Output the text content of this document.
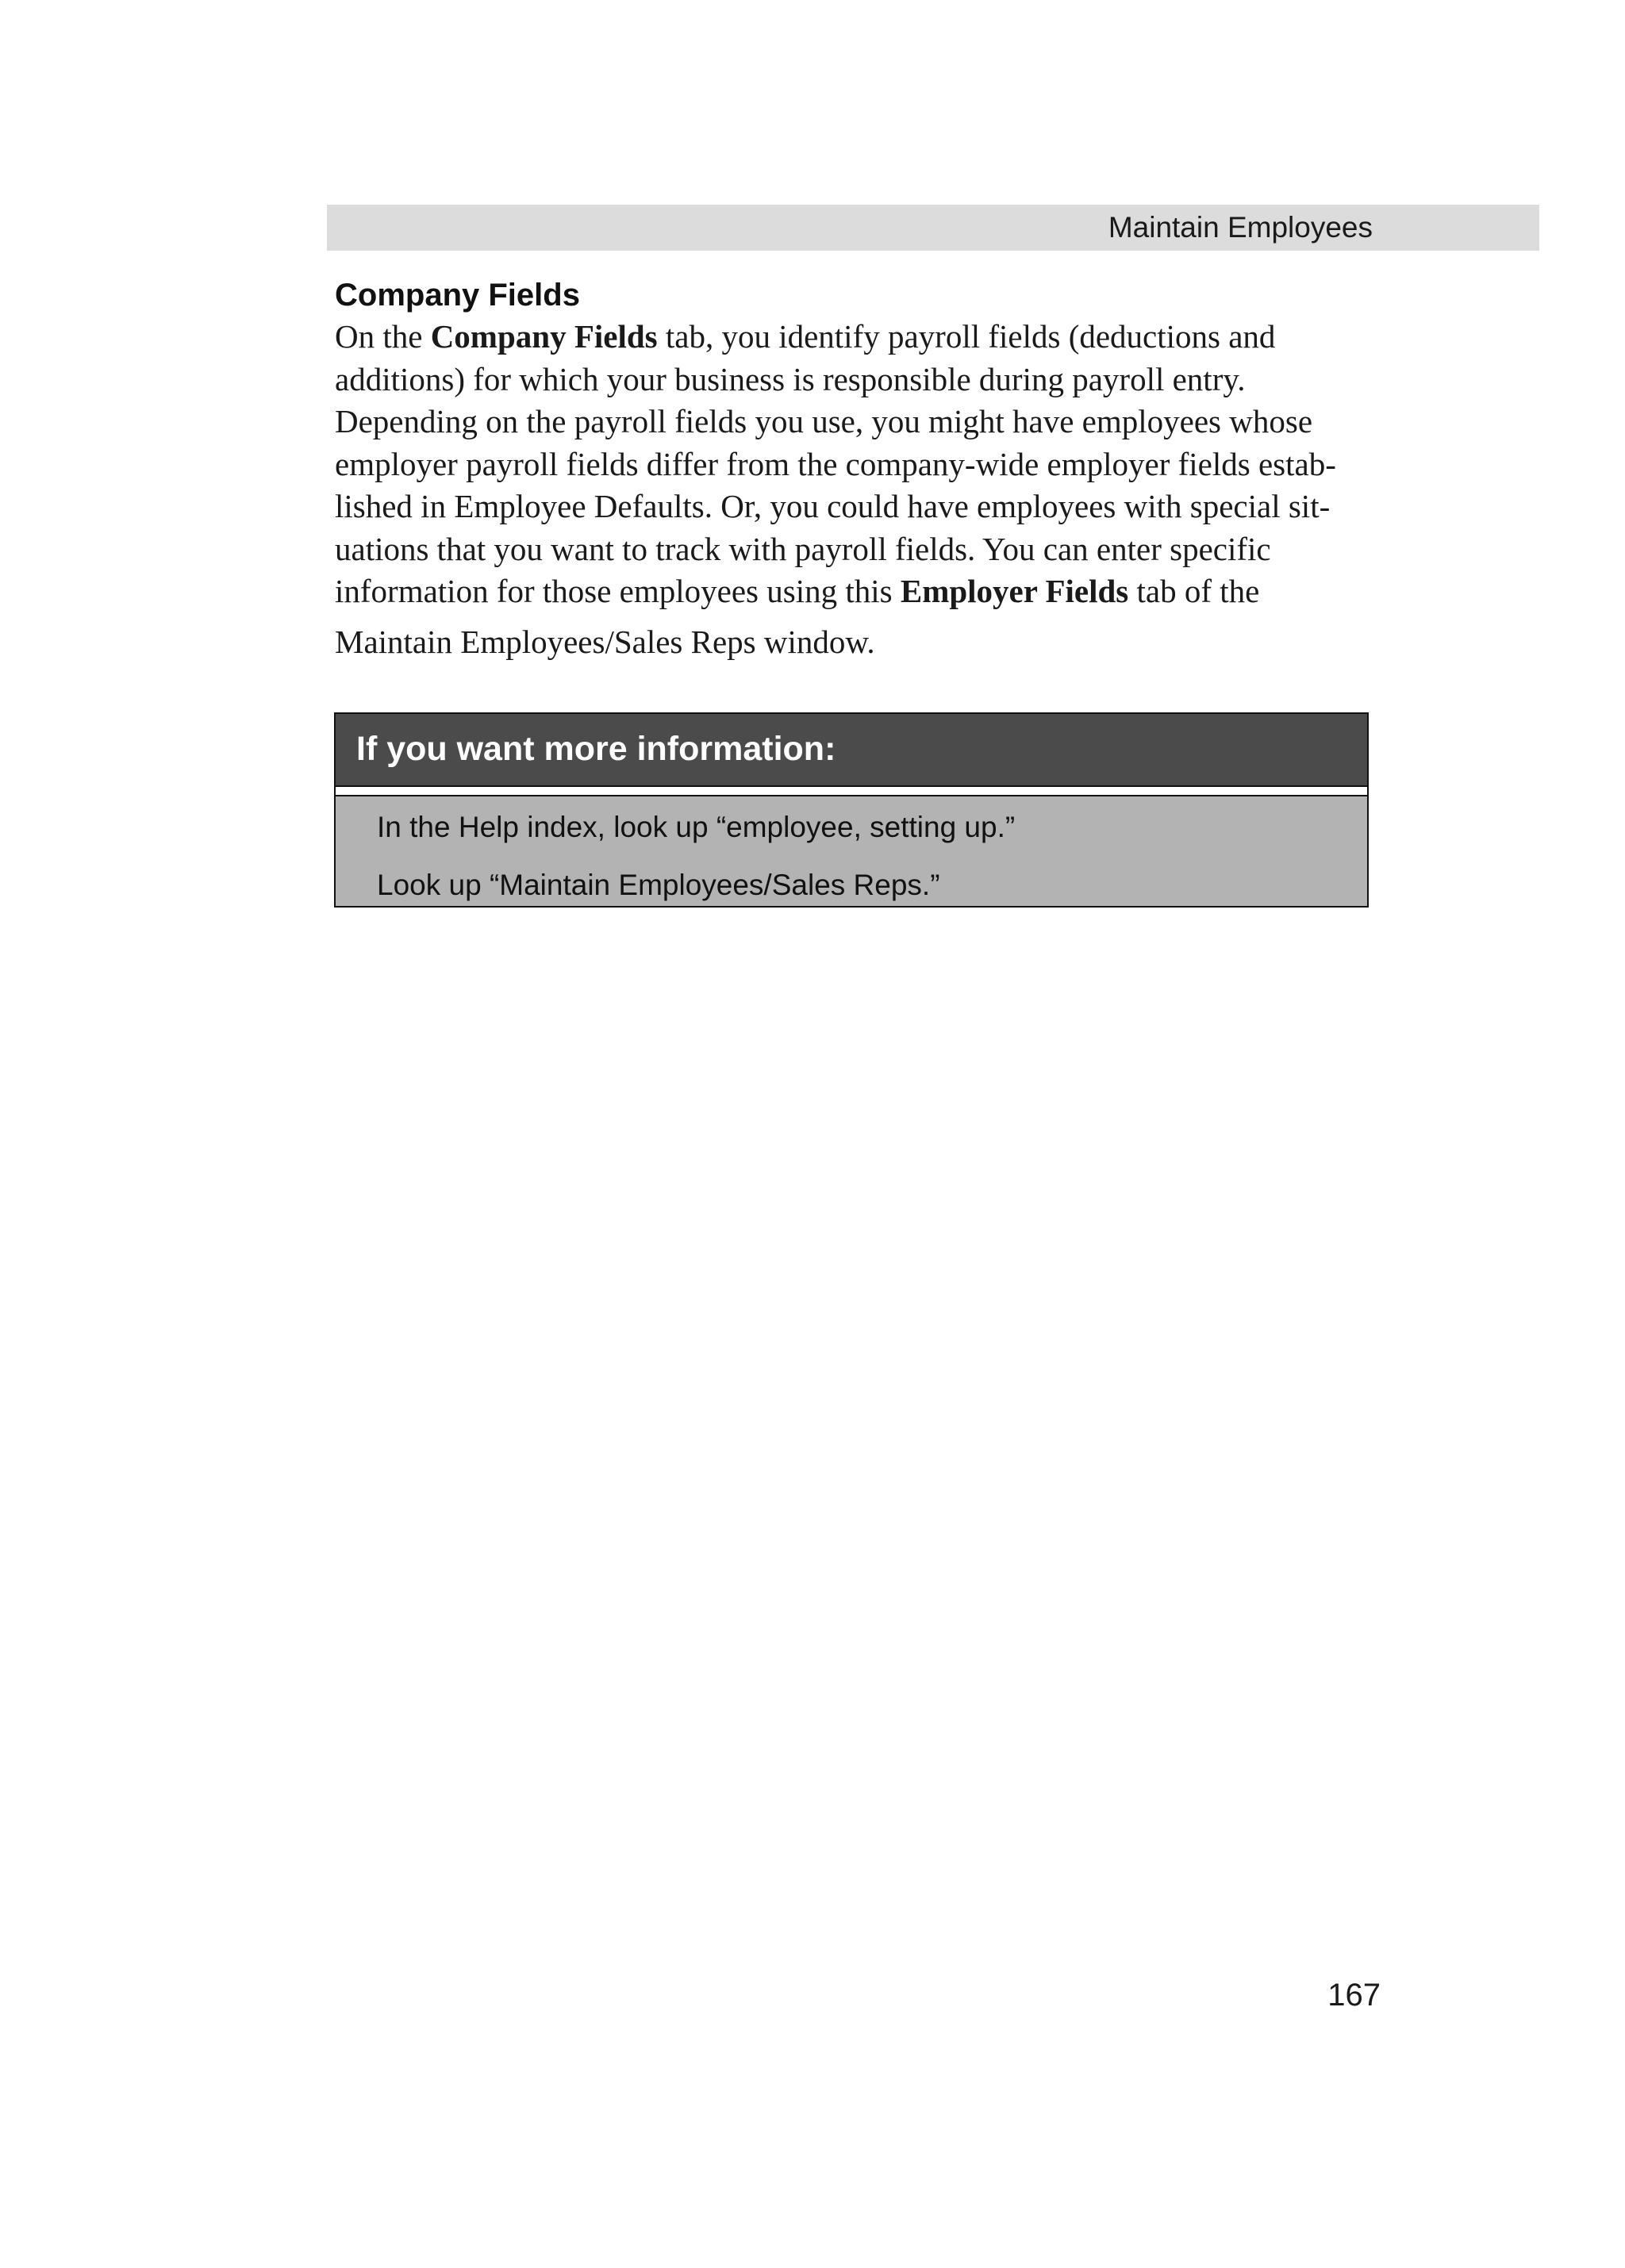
Maintain Employees
Company Fields

On the Company Fields tab, you identify payroll fields (deductions and
additions) for which your business is responsible during payroll entry.
Depending on the payroll fields you use, you might have employees whose
employer payroll fields differ from the company-wide employer fields estab-
lished in Employee Defaults. Or, you could have employees with special sit-
uations that you want to track with payroll fields. You can enter specific
information for those employees using this Employer Fields tab of the
Maintain Employees/Sales Reps window.

If you want more information:
In the Help index, look up “employee, setting up.”
Look up “Maintain Employees/Sales Reps.”
167
